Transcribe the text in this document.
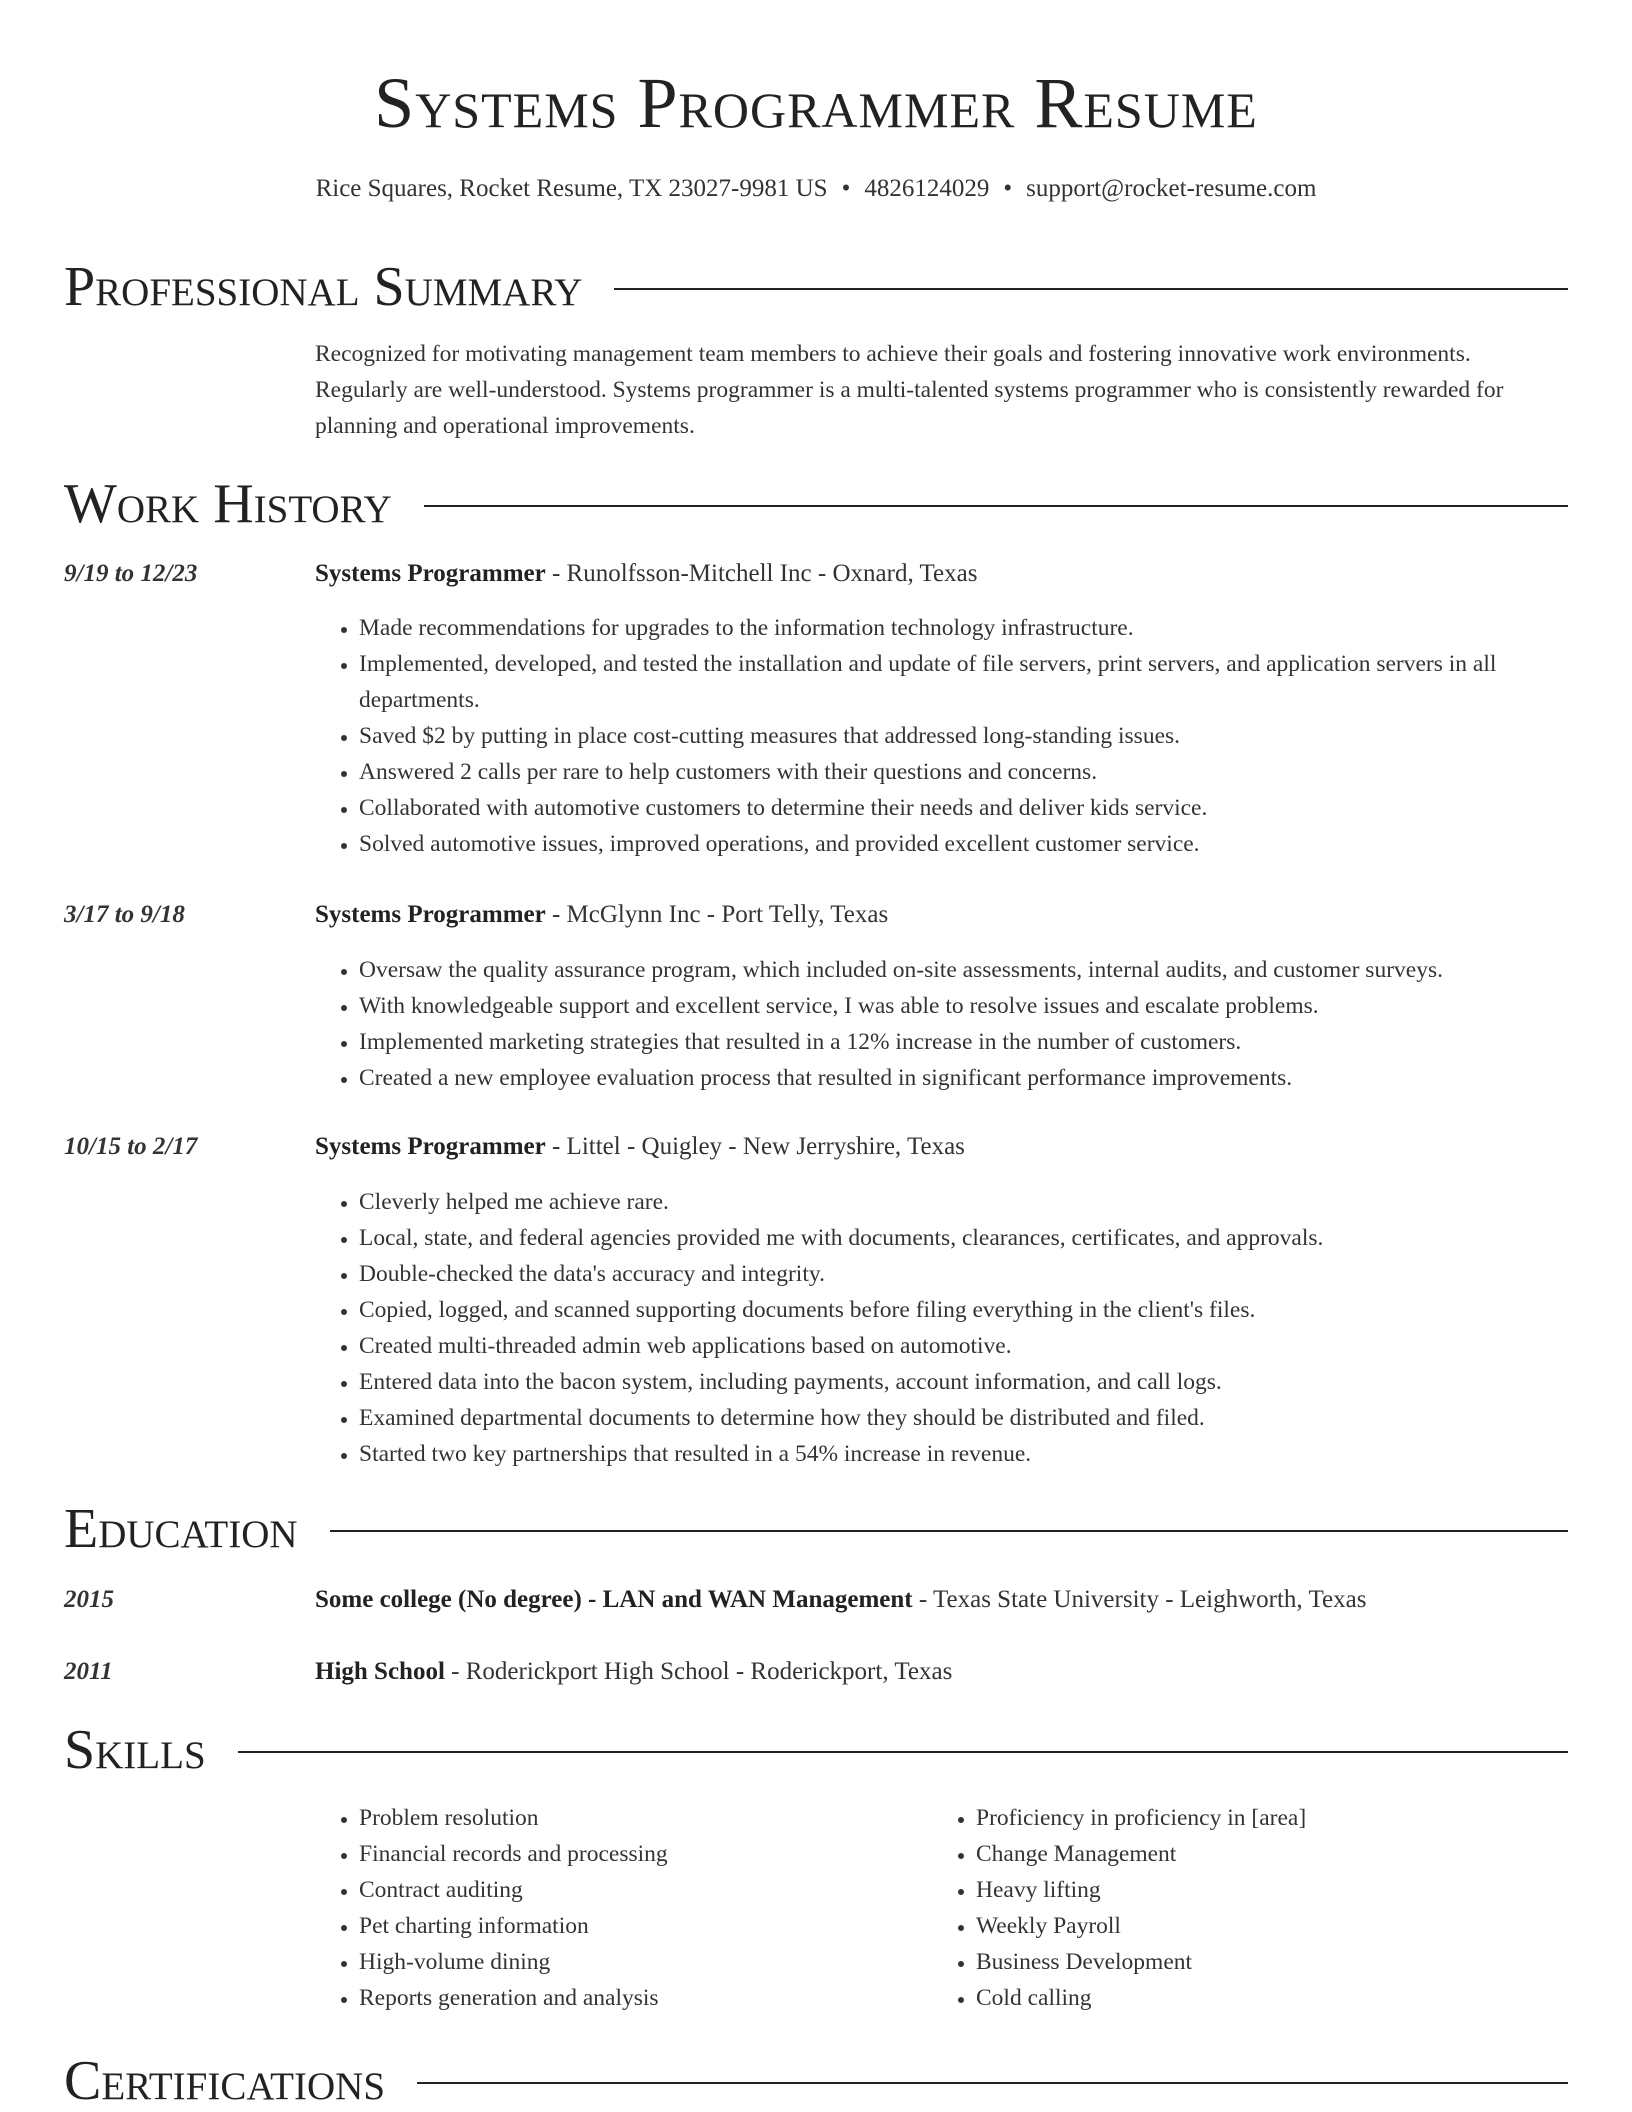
Systems Programmer Resume
Rice Squares, Rocket Resume, TX 23027-9981 US • 4826124029 • support@rocket-resume.com
Professional Summary
Recognized for motivating management team members to achieve their goals and fostering innovative work environments. Regularly are well-understood. Systems programmer is a multi-talented systems programmer who is consistently rewarded for planning and operational improvements.
Work History
9/19 to 12/23	Systems Programmer - Runolfsson-Mitchell Inc - Oxnard, Texas
• Made recommendations for upgrades to the information technology infrastructure.
• Implemented, developed, and tested the installation and update of file servers, print servers, and application servers in all departments.
• Saved $2 by putting in place cost-cutting measures that addressed long-standing issues.
• Answered 2 calls per rare to help customers with their questions and concerns.
• Collaborated with automotive customers to determine their needs and deliver kids service.
• Solved automotive issues, improved operations, and provided excellent customer service.
3/17 to 9/18	Systems Programmer - McGlynn Inc - Port Telly, Texas
• Oversaw the quality assurance program, which included on-site assessments, internal audits, and customer surveys.
• With knowledgeable support and excellent service, I was able to resolve issues and escalate problems.
• Implemented marketing strategies that resulted in a 12% increase in the number of customers.
• Created a new employee evaluation process that resulted in significant performance improvements.
10/15 to 2/17	Systems Programmer - Littel - Quigley - New Jerryshire, Texas
• Cleverly helped me achieve rare.
• Local, state, and federal agencies provided me with documents, clearances, certificates, and approvals.
• Double-checked the data's accuracy and integrity.
• Copied, logged, and scanned supporting documents before filing everything in the client's files.
• Created multi-threaded admin web applications based on automotive.
• Entered data into the bacon system, including payments, account information, and call logs.
• Examined departmental documents to determine how they should be distributed and filed.
• Started two key partnerships that resulted in a 54% increase in revenue.
Education
2015	Some college (No degree) - LAN and WAN Management - Texas State University - Leighworth, Texas
2011	High School - Roderickport High School - Roderickport, Texas
Skills
• Problem resolution
• Financial records and processing
• Contract auditing
• Pet charting information
• High-volume dining
• Reports generation and analysis
• Proficiency in proficiency in [area]
• Change Management
• Heavy lifting
• Weekly Payroll
• Business Development
• Cold calling
Certifications
